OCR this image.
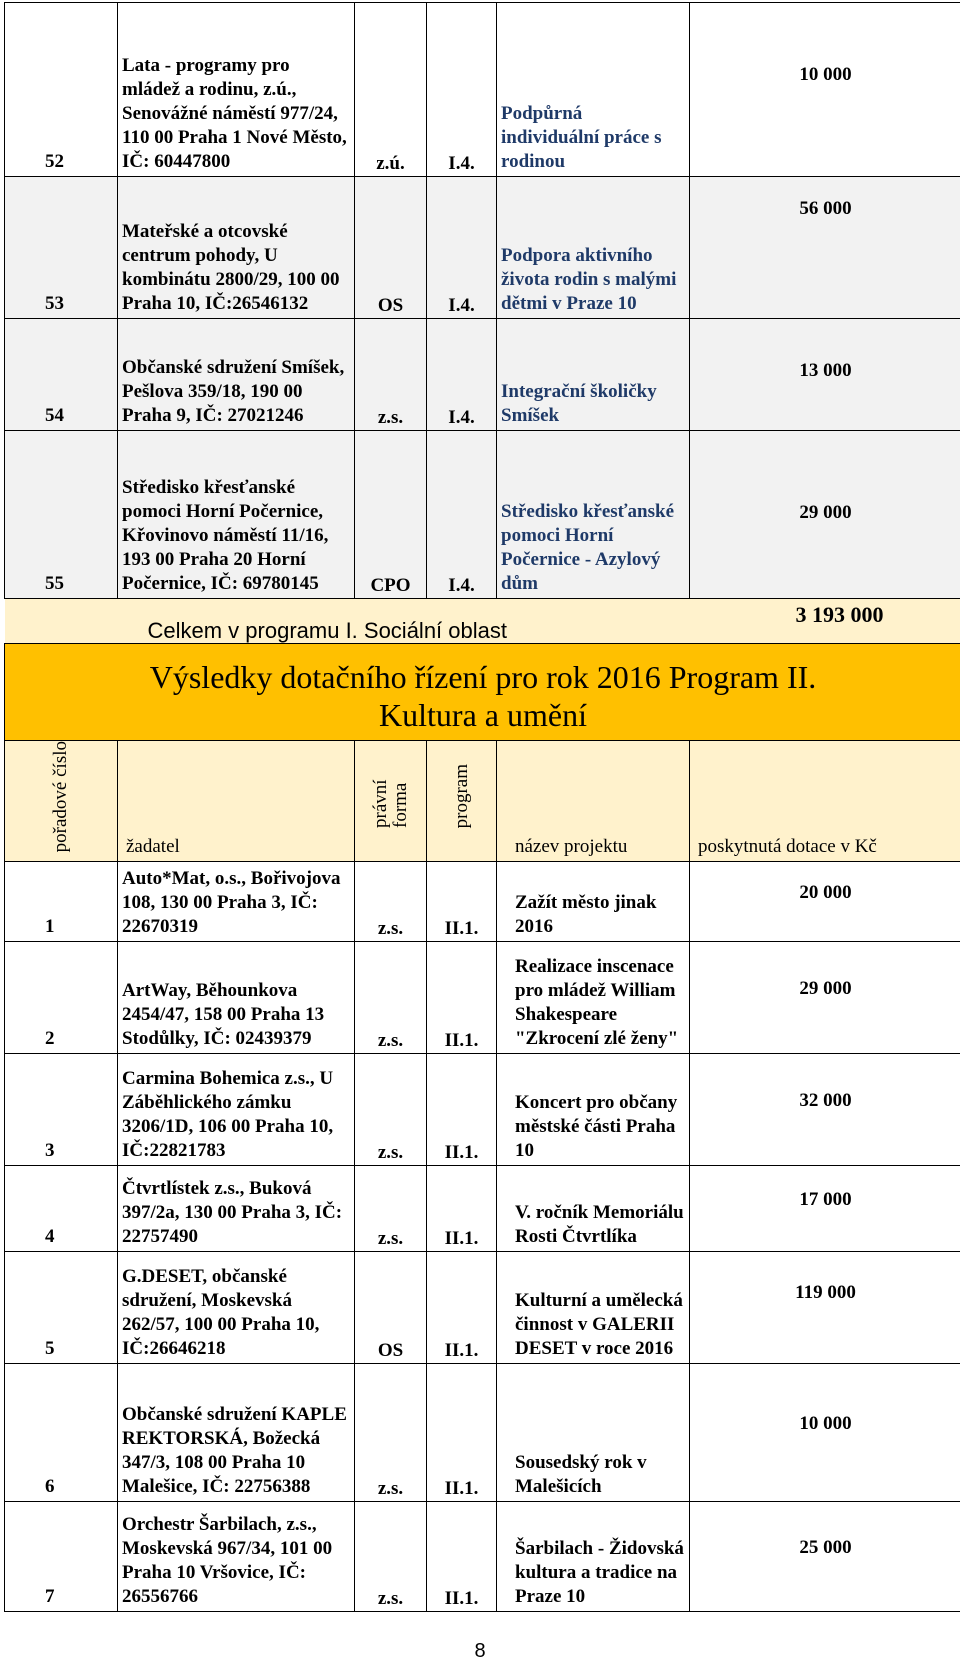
52	Lata - programy pro mládež a rodinu, z.ú., Senovážné náměstí 977/24, 110 00 Praha 1 Nové Město, IČ: 60447800	z.ú.	I.4.	Podpůrná individuální práce s rodinou	10 000
53	Mateřské a otcovské centrum pohody, U kombinátu 2800/29, 100 00 Praha 10, IČ:26546132	OS	I.4.	Podpora aktivního života rodin s malými dětmi v Praze 10	56 000
54	Občanské sdružení Smíšek, Pešlova 359/18, 190 00 Praha 9, IČ: 27021246	z.s.	I.4.	Integrační školičky Smíšek	13 000
55	Středisko křesťanské pomoci Horní Počernice, Křovinovo náměstí 11/16, 193 00 Praha 20 Horní Počernice, IČ: 69780145	CPO	I.4.	Středisko křesťanské pomoci Horní Počernice - Azylový dům	29 000
	Celkem v programu I. Sociální oblast				3 193 000

Výsledky dotačního řízení pro rok 2016 Program II.
Kultura a umění					

pořadové číslo	žadatel	právní forma	program	název projektu	poskytnutá dotace v Kč
1	Auto*Mat, o.s., Bořivojova 108, 130 00 Praha 3, IČ: 22670319	z.s.	II.1.	Zažít město jinak 2016	20 000
2	ArtWay, Běhounkova 2454/47, 158 00 Praha 13 Stodůlky, IČ: 02439379	z.s.	II.1.	Realizace inscenace pro mládež William Shakespeare "Zkrocení zlé ženy"	29 000
3	Carmina Bohemica z.s., U Záběhlického zámku 3206/1D, 106 00 Praha 10, IČ:22821783	z.s.	II.1.	Koncert pro občany městské části Praha 10	32 000
4	Čtvrtlístek z.s., Buková 397/2a, 130 00 Praha 3, IČ: 22757490	z.s.	II.1.	V. ročník Memoriálu Rosti Čtvrtlíka	17 000
5	G.DESET, občanské sdružení, Moskevská 262/57, 100 00 Praha 10, IČ:26646218	OS	II.1.	Kulturní a umělecká činnost v GALERII DESET v roce 2016	119 000
6	Občanské sdružení KAPLE REKTORSKÁ, Božecká 347/3, 108 00 Praha 10 Malešice, IČ: 22756388	z.s.	II.1.	Sousedský rok v Malešicích	10 000
7	Orchestr Šarbilach, z.s., Moskevská 967/34, 101 00 Praha 10 Vršovice, IČ: 26556766	z.s.	II.1.	Šarbilach - Židovská kultura a tradice na Praze 10	25 000
8
